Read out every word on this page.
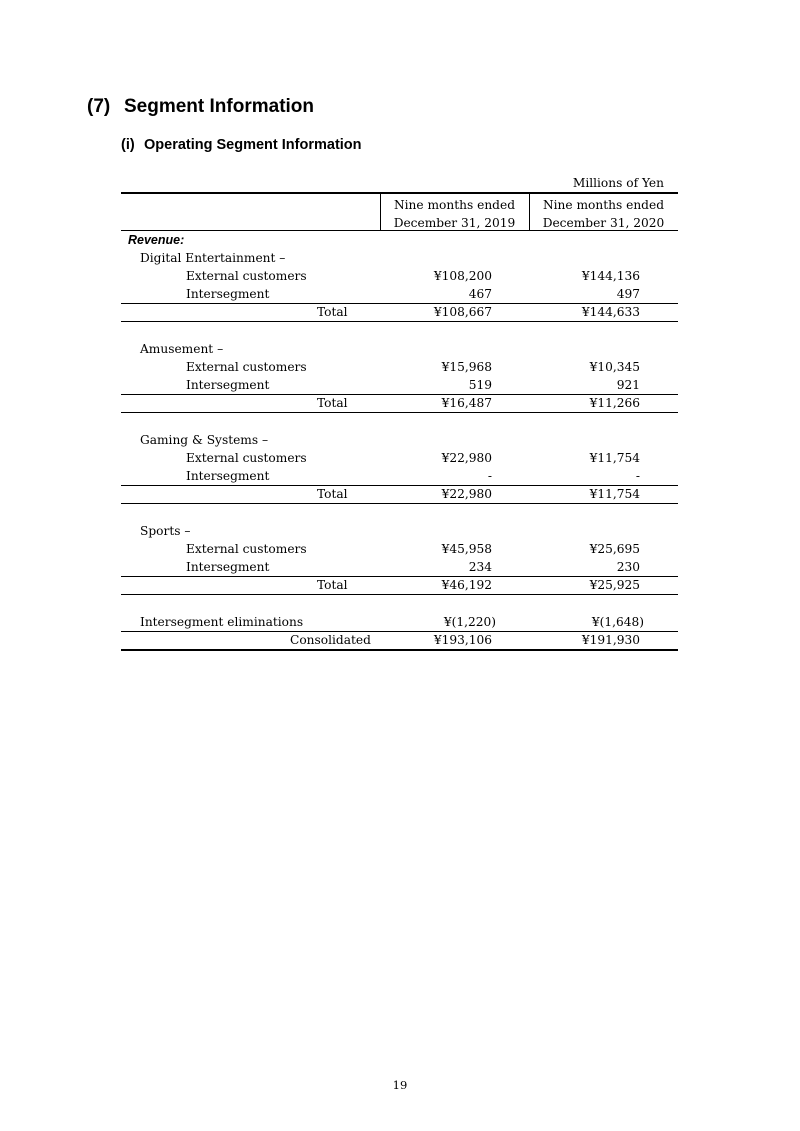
(7) Segment Information
(i) Operating Segment Information
Millions of Yen
Nine months ended
December 31, 2019
Nine months ended
December 31, 2020
Revenue:
Digital Entertainment –
External customers	¥108,200	¥144,136
Intersegment	467	497
Total	¥108,667	¥144,633
Amusement –
External customers	¥15,968	¥10,345
Intersegment	519	921
Total	¥16,487	¥11,266
Gaming & Systems –
External customers	¥22,980	¥11,754
Intersegment	-	-
Total	¥22,980	¥11,754
Sports –
External customers	¥45,958	¥25,695
Intersegment	234	230
Total	¥46,192	¥25,925
Intersegment eliminations	¥(1,220)	¥(1,648)
Consolidated	¥193,106	¥191,930
19
